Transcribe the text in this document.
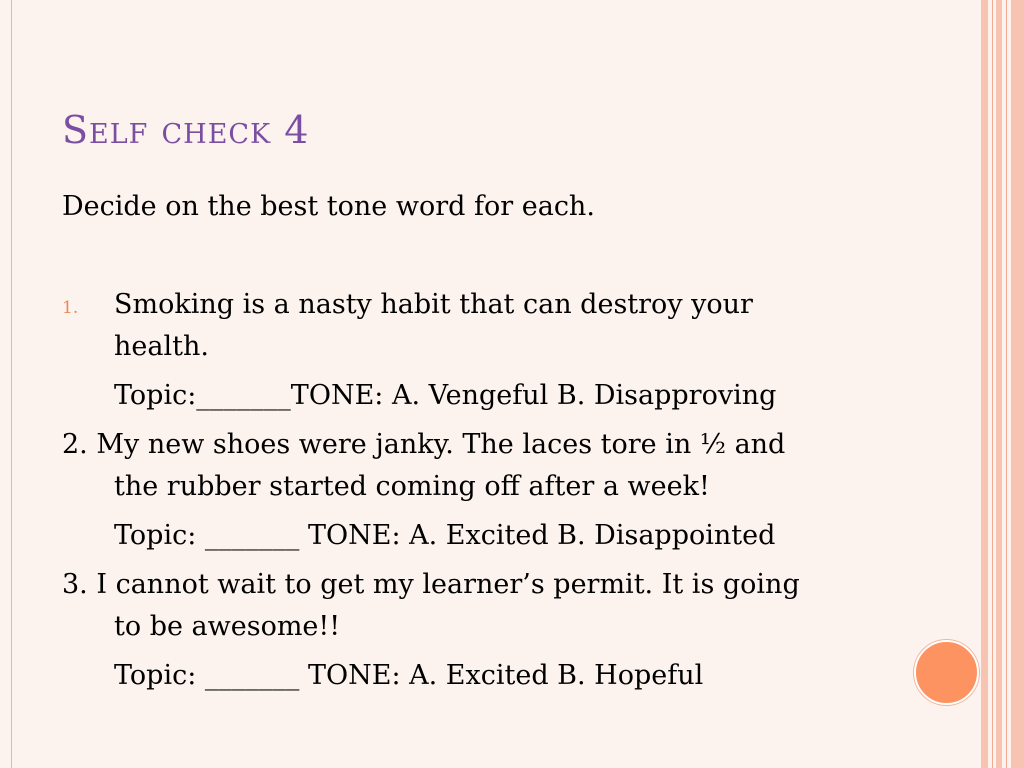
Self check 4
Decide on the best tone word for each.
1. Smoking is a nasty habit that can destroy your
health.
Topic:_______TONE: A. Vengeful B. Disapproving
2. My new shoes were janky. The laces tore in ½ and
the rubber started coming off after a week!
Topic: _______ TONE: A. Excited B. Disappointed
3. I cannot wait to get my learner’s permit. It is going
to be awesome!!
Topic: _______ TONE: A. Excited B. Hopeful
